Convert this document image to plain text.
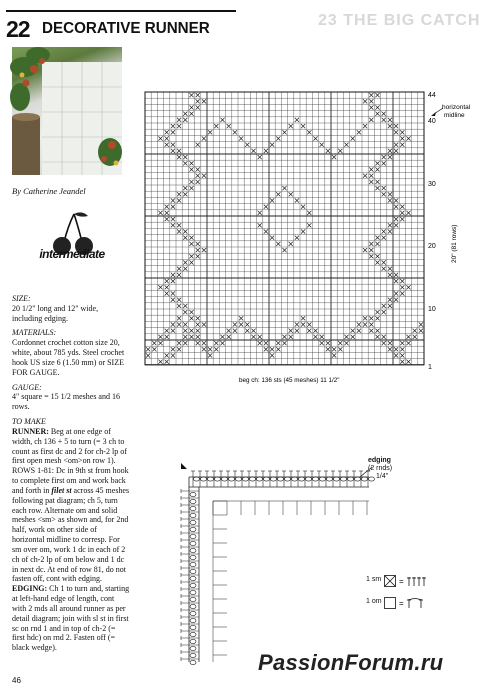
22 DECORATIVE RUNNER	23 THE BIG CATCH
By Catherine Jeandel
intermediate
SIZE:
20 1/2" long and 12" wide, including edging.
MATERIALS:
Cordonnet crochet cotton size 20, white, about 785 yds. Steel crochet hook US size 6 (1.50 mm) or SIZE FOR GAUGE.
GAUGE:
4" square = 15 1/2 meshes and 16 rows.
TO MAKE
RUNNER: Beg at one edge of width, ch 136 + 5 to turn (= 3 ch to count as first dc and 2 for ch-2 lp of first open mesh <om>on row 1). ROWS 1-81: Dc in 9th st from hook to complete first om and work back and forth in filet st across 45 meshes following pat diagram; ch 5, turn each row. Alternate om and solid meshes <sm> as shown and, for 2nd half, work on other side of horizontal midline to corresp. For sm over om, work 1 dc in each of 2 ch of ch-2 lp of om below and 1 dc in next dc. At end of row 81, do not fasten off, cont with edging. EDGING: Ch 1 to turn and, starting at left-hand edge of length, cont with 2 mds all around runner as per detail diagram; join with sl st in first sc on rnd 1 and in top of ch-2 (= first hdc) on rnd 2. Fasten off (= black wedge).
44
40
30
20
10
1
horizontal midline
20" (81 rows)
beg ch: 136 sts (45 meshes) 11 1/2"
edging
(2 rnds)
1/4"
1 sm =
1 om =
46
PassionForum.ru
